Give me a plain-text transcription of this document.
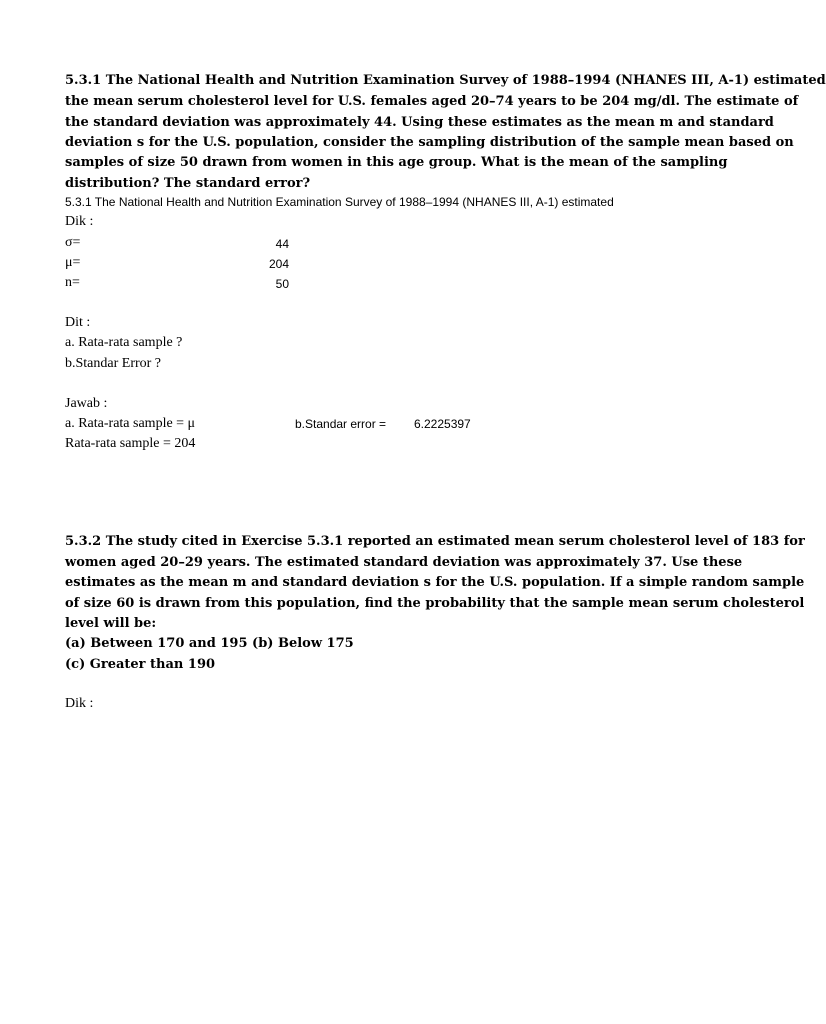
5.3.1 The National Health and Nutrition Examination Survey of 1988–1994 (NHANES III, A-1) estimated
the mean serum cholesterol level for U.S. females aged 20–74 years to be 204 mg/dl. The estimate of
the standard deviation was approximately 44. Using these estimates as the mean m and standard
deviation s for the U.S. population, consider the sampling distribution of the sample mean based on
samples of size 50 drawn from women in this age group. What is the mean of the sampling
distribution? The standard error?
5.3.1 The National Health and Nutrition Examination Survey of 1988–1994 (NHANES III, A-1) estimated
Dik :
σ=	44
μ=	204
n=	50
Dit :
a. Rata-rata sample ?
b.Standar Error ?
Jawab :
a. Rata-rata sample = μ	b.Standar error = 6.2225397
Rata-rata sample = 204
5.3.2 The study cited in Exercise 5.3.1 reported an estimated mean serum cholesterol level of 183 for
women aged 20–29 years. The estimated standard deviation was approximately 37. Use these
estimates as the mean m and standard deviation s for the U.S. population. If a simple random sample
of size 60 is drawn from this population, find the probability that the sample mean serum cholesterol
level will be:
(a) Between 170 and 195 (b) Below 175
(c) Greater than 190
Dik :
